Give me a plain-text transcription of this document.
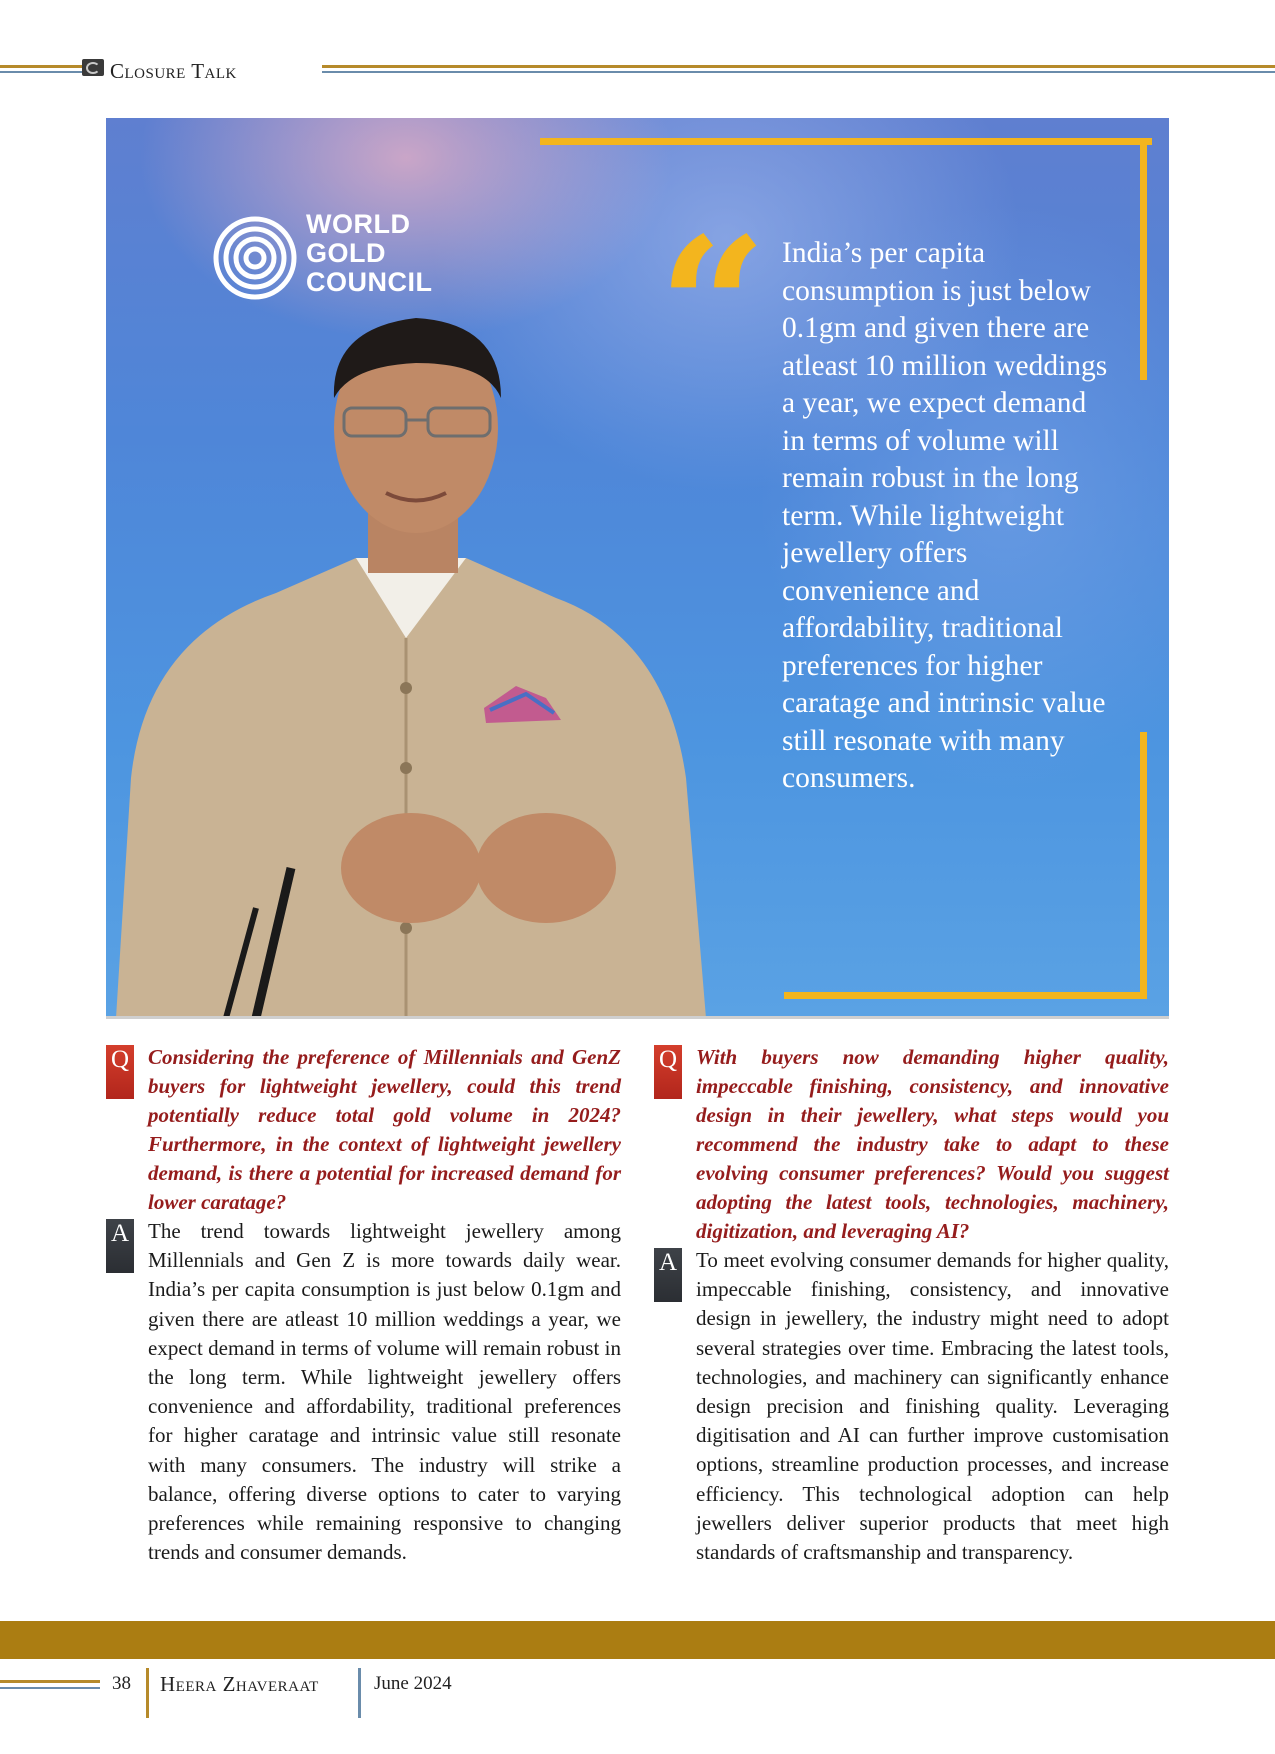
Closure Talk
WORLD
GOLD
COUNCIL “ India’s per capita consumption is just below 0.1gm and given there are atleast 10 million weddings a year, we expect demand in terms of volume will remain robust in the long term. While lightweight jewellery offers convenience and affordability, traditional preferences for higher caratage and intrinsic value still resonate with many consumers.
Q Considering the preference of Millennials and GenZ buyers for lightweight jewellery, could this trend potentially reduce total gold volume in 2024? Furthermore, in the context of lightweight jewellery demand, is there a potential for increased demand for lower caratage?

A The trend towards lightweight jewellery among Millennials and Gen Z is more towards daily wear. India’s per capita consumption is just below 0.1gm and given there are atleast 10 million weddings a year, we expect demand in terms of volume will remain robust in the long term. While lightweight jewellery offers convenience and affordability, traditional preferences for higher caratage and intrinsic value still resonate with many consumers. The industry will strike a balance, offering diverse options to cater to varying preferences while remaining responsive to changing trends and consumer demands.

Q With buyers now demanding higher quality, impeccable finishing, consistency, and innovative design in their jewellery, what steps would you recommend the industry take to adapt to these evolving consumer preferences? Would you suggest adopting the latest tools, technologies, machinery, digitization, and leveraging AI?

A To meet evolving consumer demands for higher quality, impeccable finishing, consistency, and innovative design in jewellery, the industry might need to adopt several strategies over time. Embracing the latest tools, technologies, and machinery can significantly enhance design precision and finishing quality. Leveraging digitisation and AI can further improve customisation options, streamline production processes, and increase efficiency. This technological adoption can help jewellers deliver superior products that meet high standards of craftsmanship and transparency.

38 Heera Zhaveraat	June 2024
